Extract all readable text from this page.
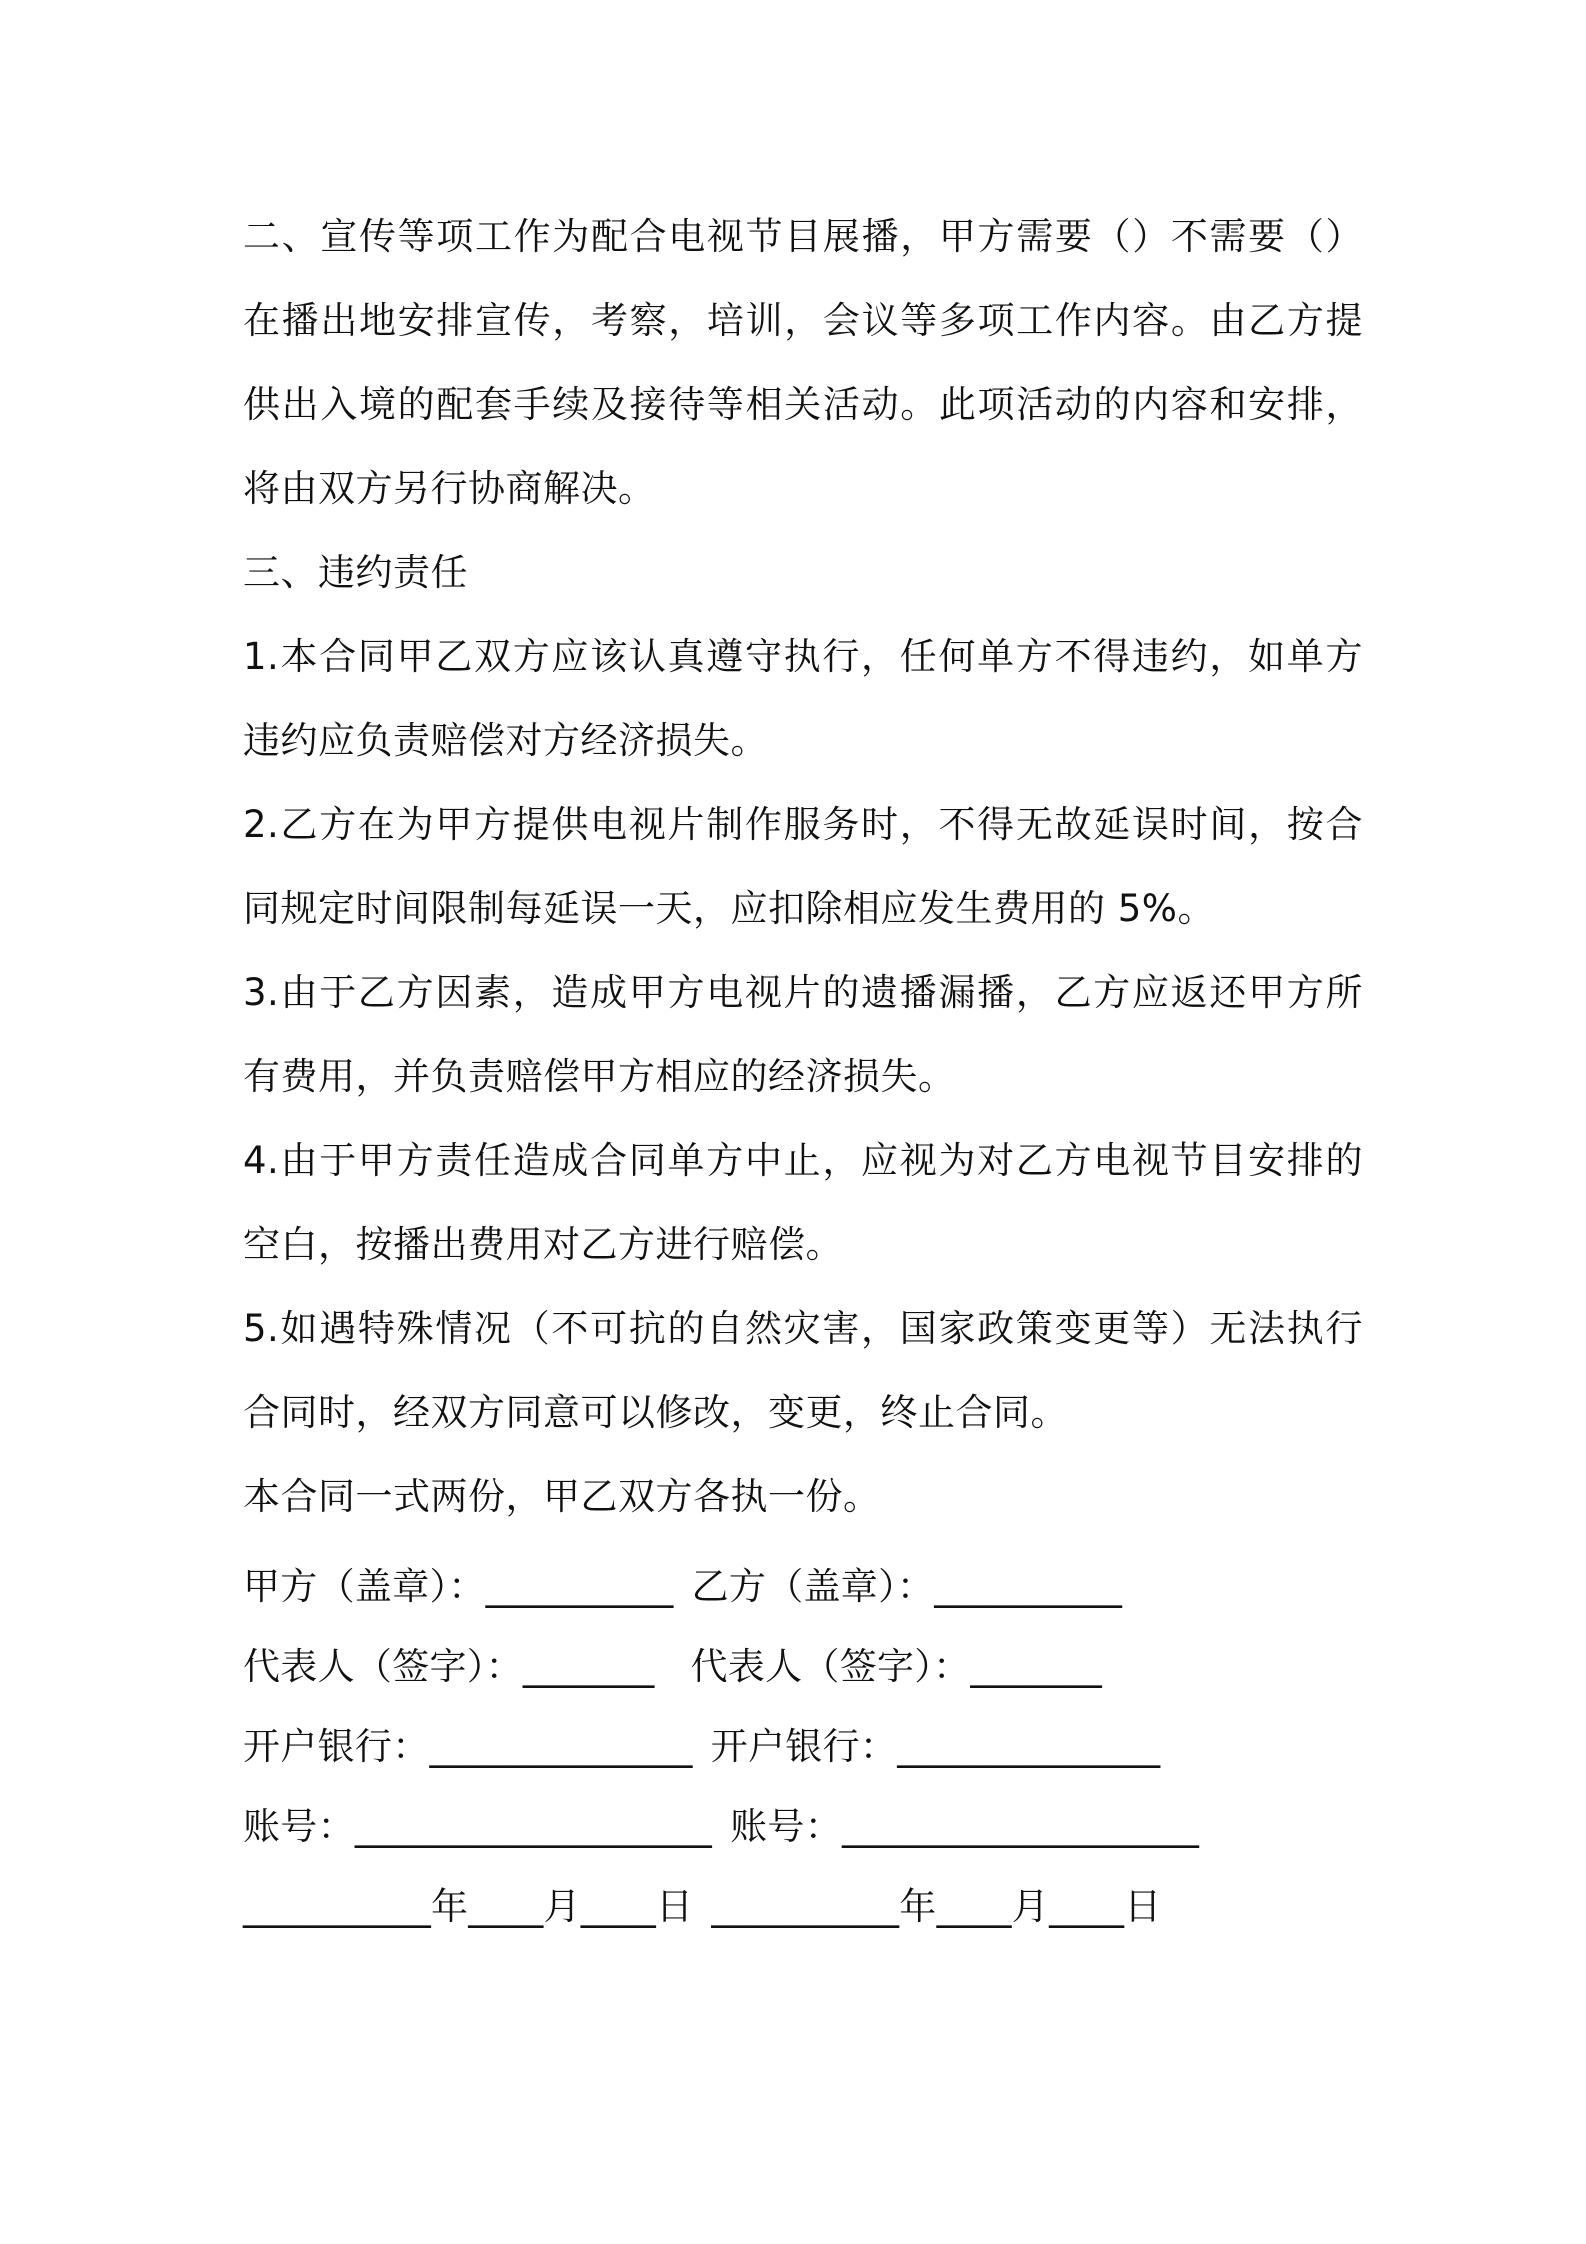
二、宣传等项工作为配合电视节目展播，甲方需要（）不需要（）在播出地安排宣传，考察，培训，会议等多项工作内容。由乙方提供出入境的配套手续及接待等相关活动。此项活动的内容和安排，将由双方另行协商解决。

三、违约责任

1.本合同甲乙双方应该认真遵守执行，任何单方不得违约，如单方违约应负责赔偿对方经济损失。

2.乙方在为甲方提供电视片制作服务时，不得无故延误时间，按合同规定时间限制每延误一天，应扣除相应发生费用的 5%。

3.由于乙方因素，造成甲方电视片的遗播漏播，乙方应返还甲方所有费用，并负责赔偿甲方相应的经济损失。

4.由于甲方责任造成合同单方中止，应视为对乙方电视节目安排的空白，按播出费用对乙方进行赔偿。

5.如遇特殊情况（不可抗的自然灾害，国家政策变更等）无法执行合同时，经双方同意可以修改，变更，终止合同。

本合同一式两份，甲乙双方各执一份。

甲方（盖章）：__________ 乙方（盖章）：__________
代表人（签字）：_______ 代表人（签字）：_______
开户银行：______________ 开户银行：______________
账号：___________________ 账号：___________________
__________年____月____日 __________年____月____日
